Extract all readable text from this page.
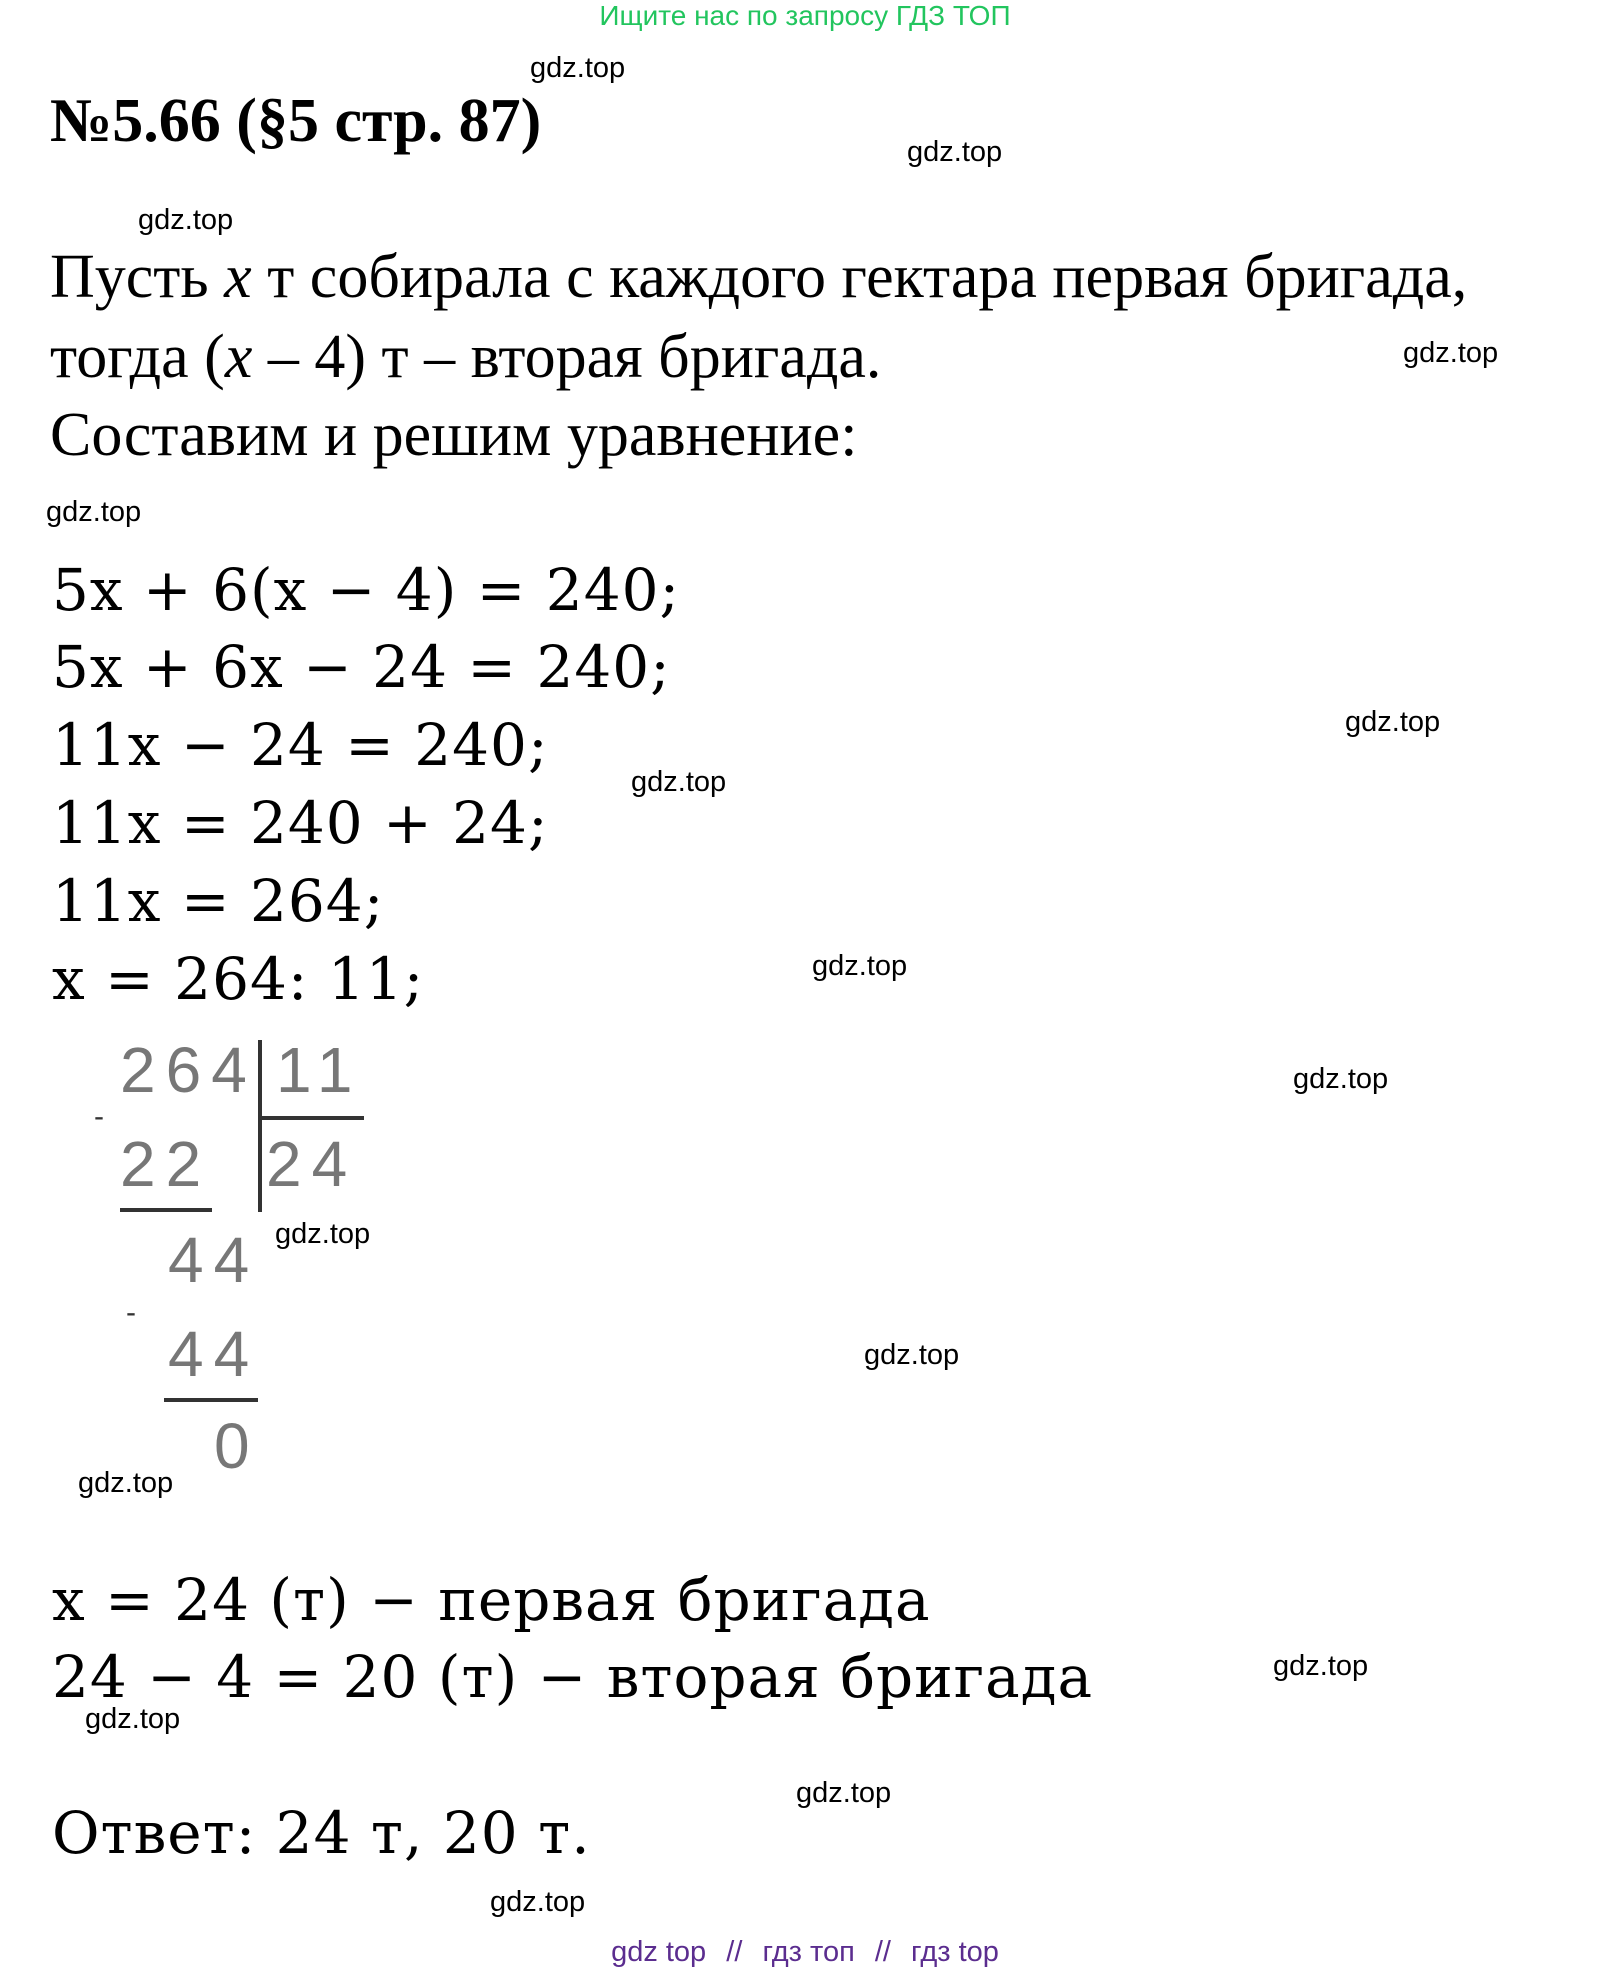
Ищите нас по запросу ГДЗ ТОП
№5.66 (§5 стр. 87)
gdz.top
gdz.top
gdz.top
gdz.top
gdz.top
gdz.top
gdz.top
gdz.top
gdz.top
gdz.top
gdz.top
gdz.top
gdz.top
gdz.top
gdz.top
gdz.top
Пусть x т собирала с каждого гектара первая бригада,
тогда (x – 4) т – вторая бригада.
Составим и решим уравнение:
5x + 6(x − 4) = 240;
5x + 6x − 24 = 240;
11x − 24 = 240;
11x = 240 + 24;
11x = 264;
x = 264: 11;
264 11
-
22 24
44
-
44
0
x = 24 (т) − первая бригада
24 − 4 = 20 (т) − вторая бригада
Ответ: 24 т, 20 т.
gdz top // гдз топ // гдз top
